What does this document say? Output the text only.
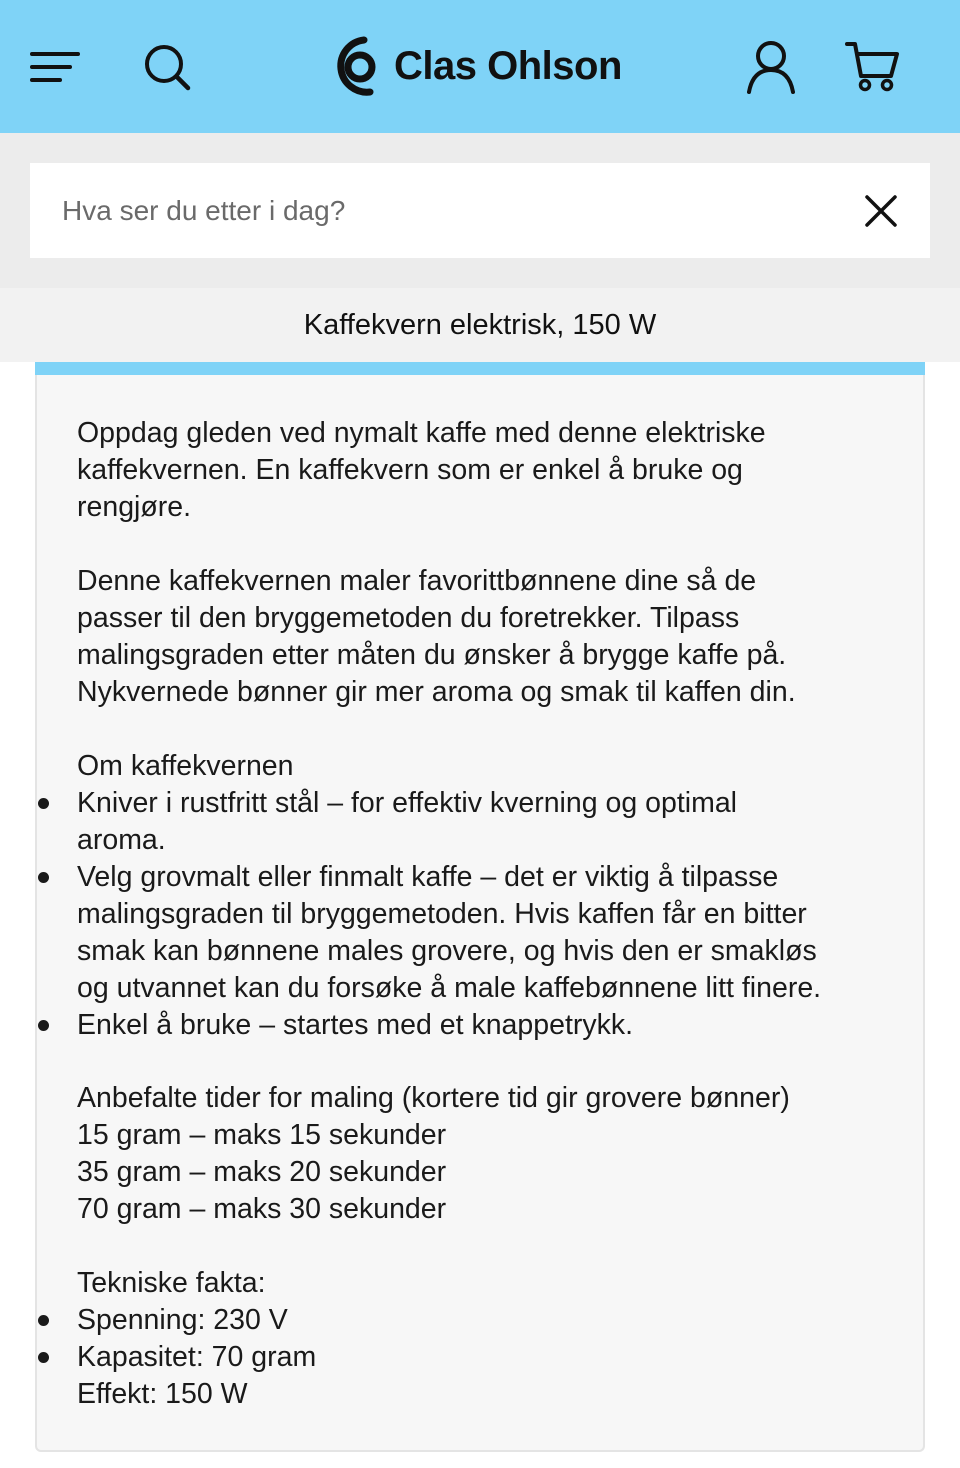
Clas Ohlson
Hva ser du etter i dag?
Kaffekvern elektrisk, 150 W
Oppdag gleden ved nymalt kaffe med denne elektriske
kaffekvernen. En kaffekvern som er enkel å bruke og
rengjøre.
Denne kaffekvernen maler favorittbønnene dine så de
passer til den bryggemetoden du foretrekker. Tilpass
malingsgraden etter måten du ønsker å brygge kaffe på.
Nykvernede bønner gir mer aroma og smak til kaffen din.
Om kaffekvernen
Kniver i rustfritt stål – for effektiv kverning og optimal
aroma.
Velg grovmalt eller finmalt kaffe – det er viktig å tilpasse
malingsgraden til bryggemetoden. Hvis kaffen får en bitter
smak kan bønnene males grovere, og hvis den er smakløs
og utvannet kan du forsøke å male kaffebønnene litt finere.
Enkel å bruke – startes med et knappetrykk.
Anbefalte tider for maling (kortere tid gir grovere bønner)
15 gram – maks 15 sekunder
35 gram – maks 20 sekunder
70 gram – maks 30 sekunder
Tekniske fakta:
Spenning: 230 V
Kapasitet: 70 gram
Effekt: 150 W
